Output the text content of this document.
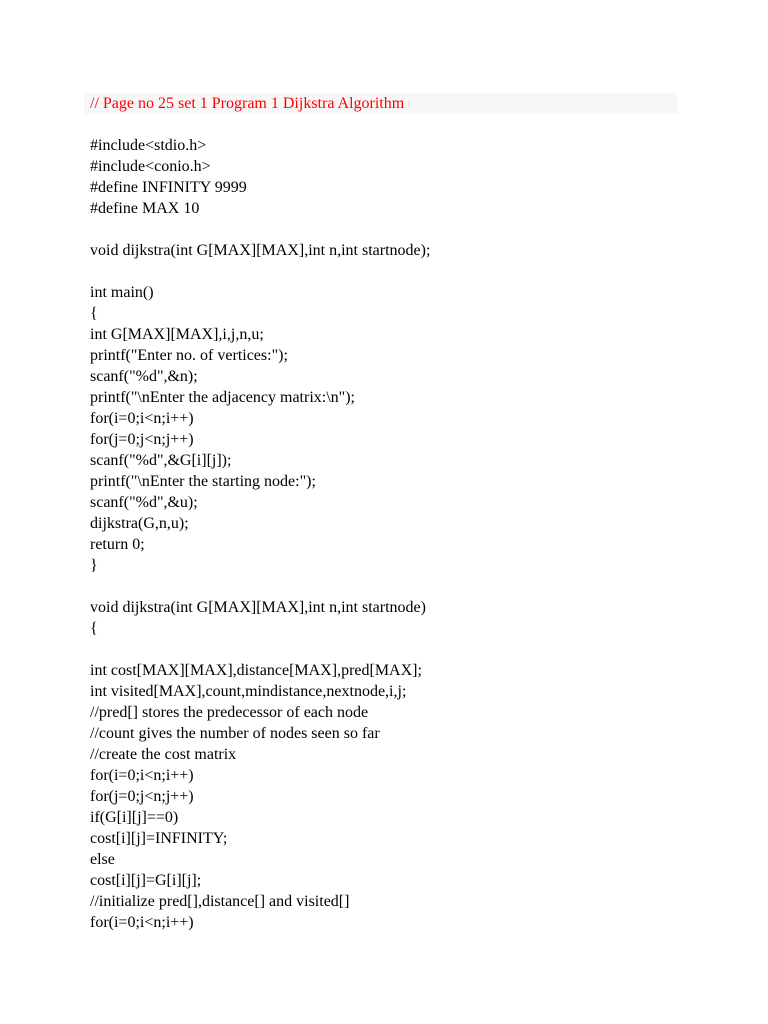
// Page no 25 set 1 Program 1 Dijkstra Algorithm
#include<stdio.h>
#include<conio.h>
#define INFINITY 9999
#define MAX 10
void dijkstra(int G[MAX][MAX],int n,int startnode);
int main()
{
int G[MAX][MAX],i,j,n,u;
printf("Enter no. of vertices:");
scanf("%d",&n);
printf("\nEnter the adjacency matrix:\n");
for(i=0;i<n;i++)
for(j=0;j<n;j++)
scanf("%d",&G[i][j]);
printf("\nEnter the starting node:");
scanf("%d",&u);
dijkstra(G,n,u);
return 0;
}
void dijkstra(int G[MAX][MAX],int n,int startnode)
{
int cost[MAX][MAX],distance[MAX],pred[MAX];
int visited[MAX],count,mindistance,nextnode,i,j;
//pred[] stores the predecessor of each node
//count gives the number of nodes seen so far
//create the cost matrix
for(i=0;i<n;i++)
for(j=0;j<n;j++)
if(G[i][j]==0)
cost[i][j]=INFINITY;
else
cost[i][j]=G[i][j];
//initialize pred[],distance[] and visited[]
for(i=0;i<n;i++)
